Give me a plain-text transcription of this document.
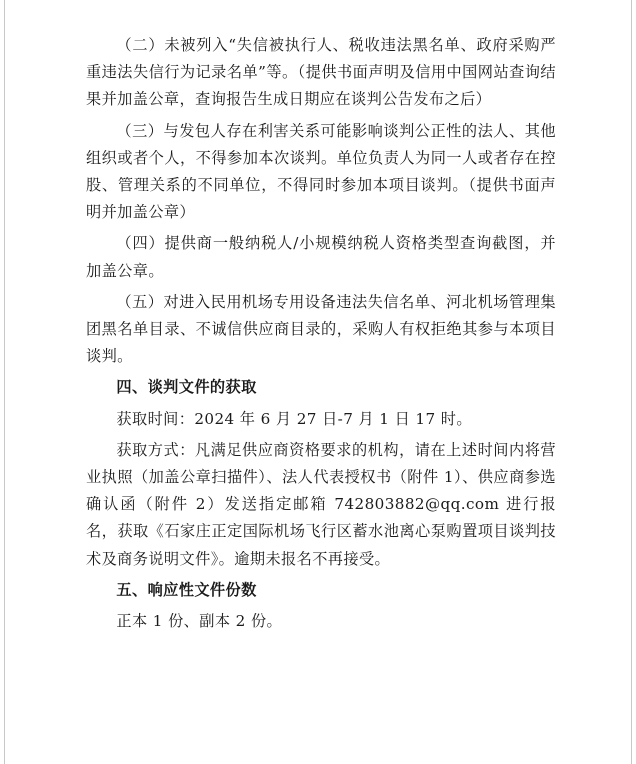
（二）未被列入“失信被执行人、税收违法黑名单、政府采购严重违法失信行为记录名单”等。（提供书面声明及信用中国网站查询结果并加盖公章，查询报告生成日期应在谈判公告发布之后）

（三）与发包人存在利害关系可能影响谈判公正性的法人、其他组织或者个人，不得参加本次谈判。单位负责人为同一人或者存在控股、管理关系的不同单位，不得同时参加本项目谈判。（提供书面声明并加盖公章）

（四）提供商一般纳税人/小规模纳税人资格类型查询截图，并加盖公章。

（五）对进入民用机场专用设备违法失信名单、河北机场管理集团黑名单目录、不诚信供应商目录的，采购人有权拒绝其参与本项目谈判。

四、谈判文件的获取

获取时间：2024 年 6 月 27 日-7 月 1 日 17 时。

获取方式：凡满足供应商资格要求的机构，请在上述时间内将营业执照（加盖公章扫描件）、法人代表授权书（附件 1）、供应商参选确认函（附件 2）发送指定邮箱 742803882@qq.com 进行报名，获取《石家庄正定国际机场飞行区蓄水池离心泵购置项目谈判技术及商务说明文件》。逾期未报名不再接受。

五、响应性文件份数

正本 1 份、副本 2 份。
